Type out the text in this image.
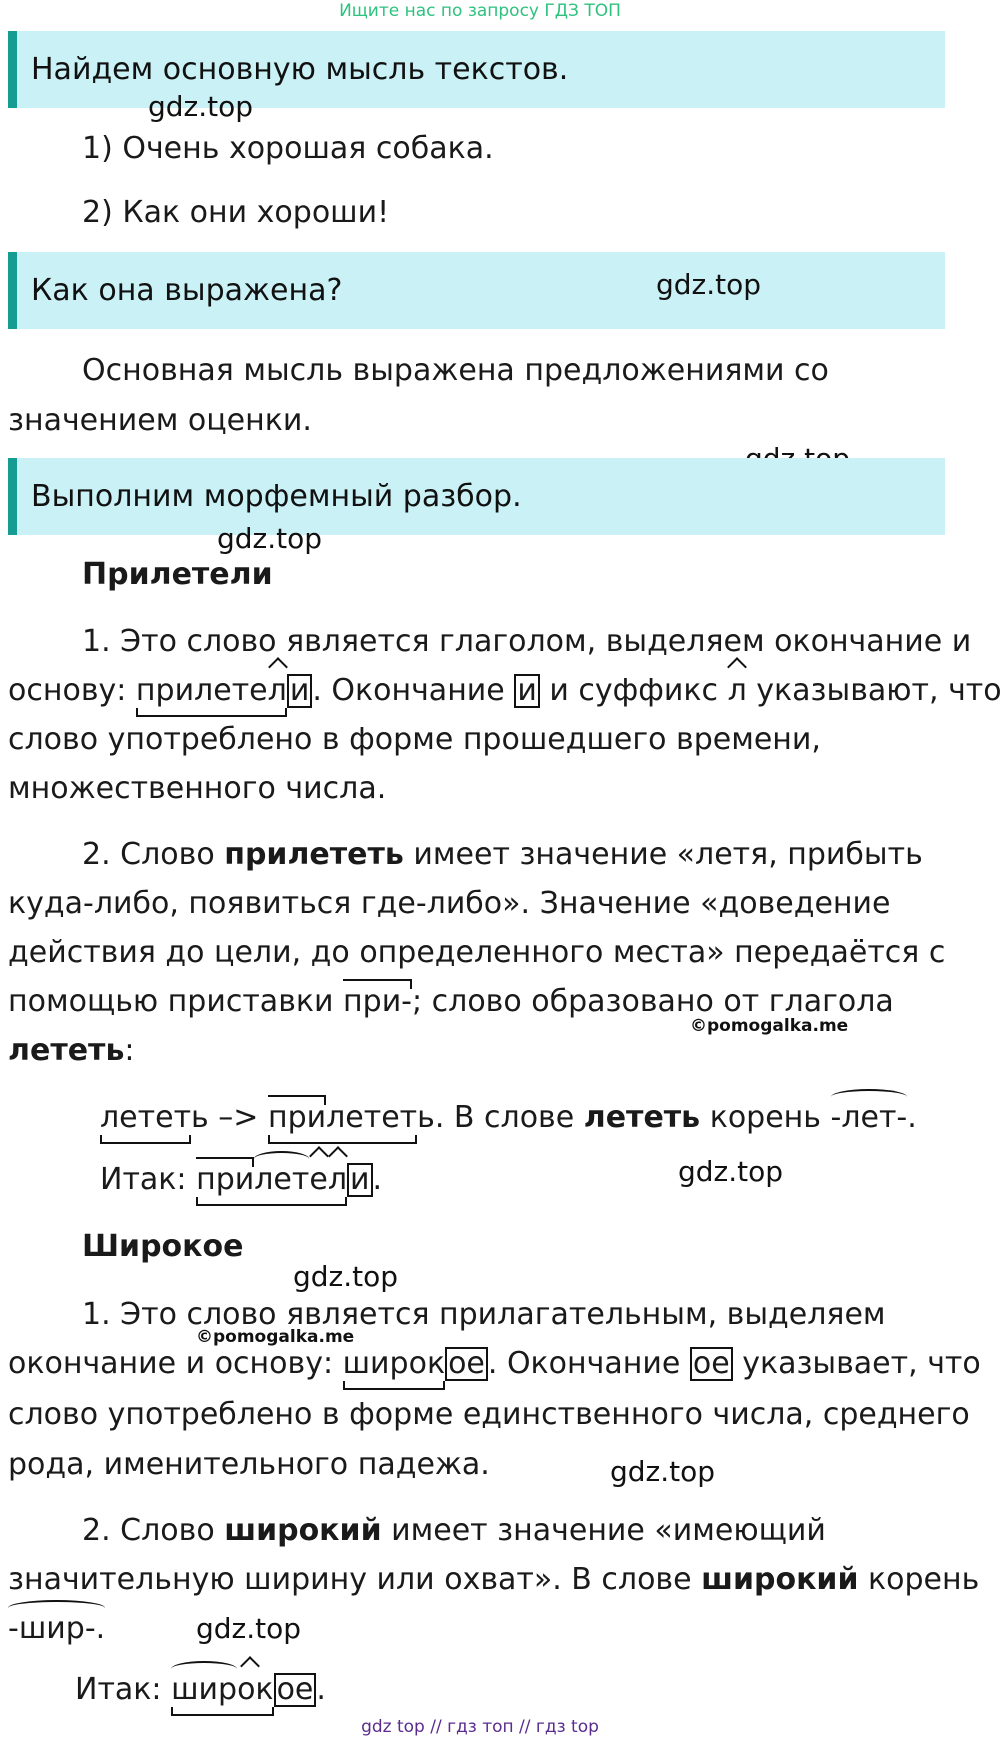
Ищите нас по запросу ГДЗ ТОП
Найдем основную мысль текстов.
gdz.top
1) Очень хорошая собака.
2) Как они хороши!
Как она выражена?	gdz.top
Основная мысль выражена предложениями со
значением оценки.
Выполним морфемный разбор.
gdz.top
Прилетели
1. Это слово является глаголом, выделяем окончание и
основу: прилетел и . Окончание и и суффикс л указывают, что
слово употреблено в форме прошедшего времени,
множественного числа.
2. Слово прилететь имеет значение «летя, прибыть
куда-либо, появиться где-либо». Значение «доведение
действия до цели, до определенного места» передаётся с
помощью приставки при-; слово образовано от глагола
©pomogalka.me
лететь:
лететь –> прилететь. В слове лететь корень -лет-.
Итак: прилетел и .	gdz.top
Широкое
gdz.top
1. Это слово является прилагательным, выделяем
©pomogalka.me
окончание и основу: широк ое . Окончание ое указывает, что
слово употреблено в форме единственного числа, среднего
рода, именительного падежа.	gdz.top
2. Слово широкий имеет значение «имеющий
значительную ширину или охват». В слове широкий корень
-шир-.	gdz.top
Итак: широк ое .
gdz top // гдз топ // гдз top
